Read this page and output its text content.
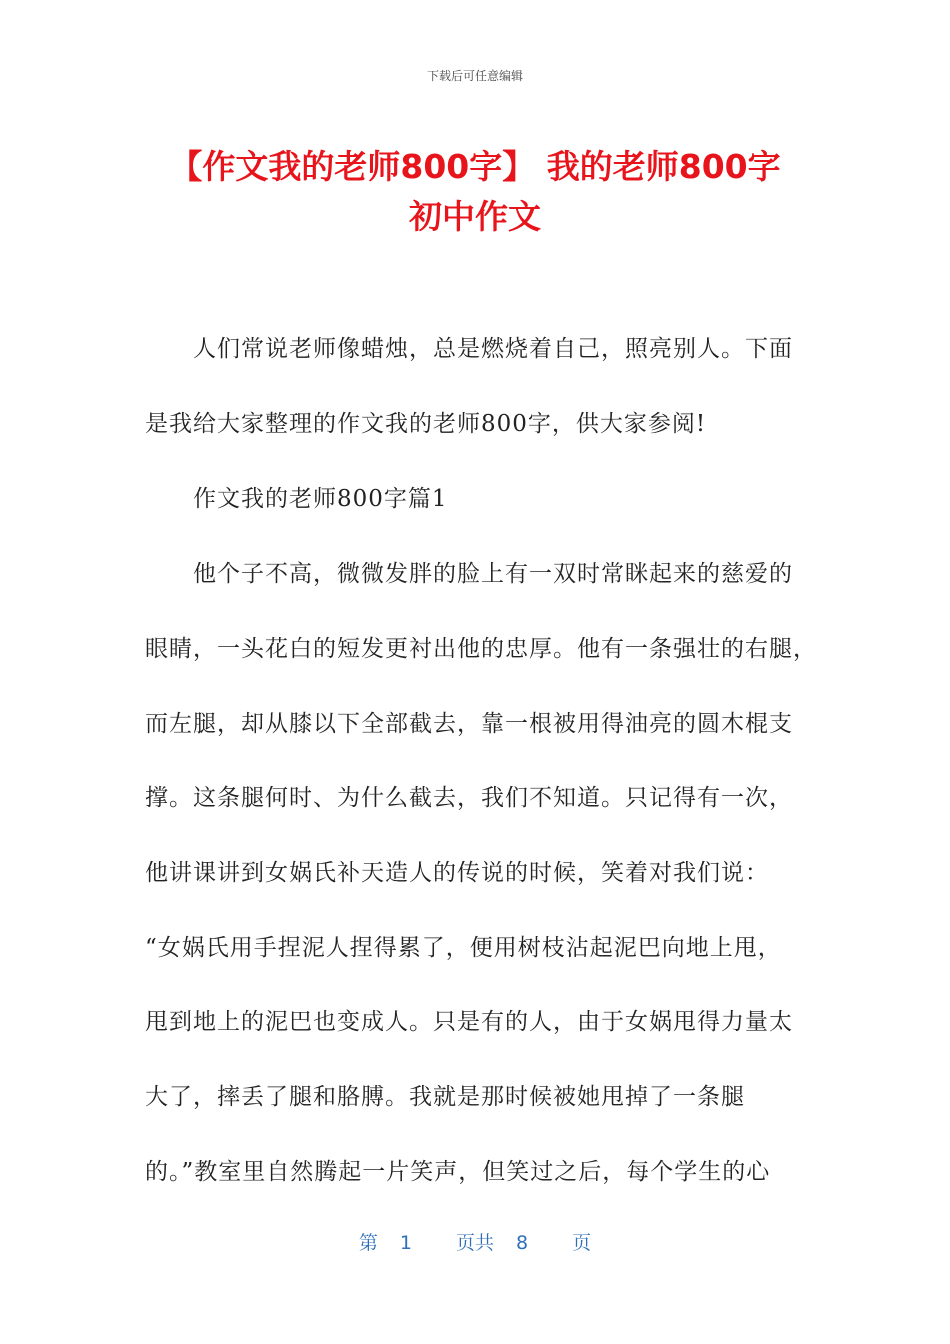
下载后可任意编辑
【作文我的老师800字】 我的老师800字
初中作文
人们常说老师像蜡烛，总是燃烧着自己，照亮别人。下面
是我给大家整理的作文我的老师800字，供大家参阅!
作文我的老师800字篇1
他个子不高，微微发胖的脸上有一双时常眯起来的慈爱的
眼睛，一头花白的短发更衬出他的忠厚。他有一条强壮的右腿，
而左腿，却从膝以下全部截去，靠一根被用得油亮的圆木棍支
撑。这条腿何时、为什么截去，我们不知道。只记得有一次，
他讲课讲到女娲氏补天造人的传说的时候，笑着对我们说：
“女娲氏用手捏泥人捏得累了，便用树枝沾起泥巴向地上甩，
甩到地上的泥巴也变成人。只是有的人，由于女娲甩得力量太
大了，摔丢了腿和胳膊。我就是那时候被她甩掉了一条腿
的。”教室里自然腾起一片笑声，但笑过之后，每个学生的心
第 1 页共 8 页
